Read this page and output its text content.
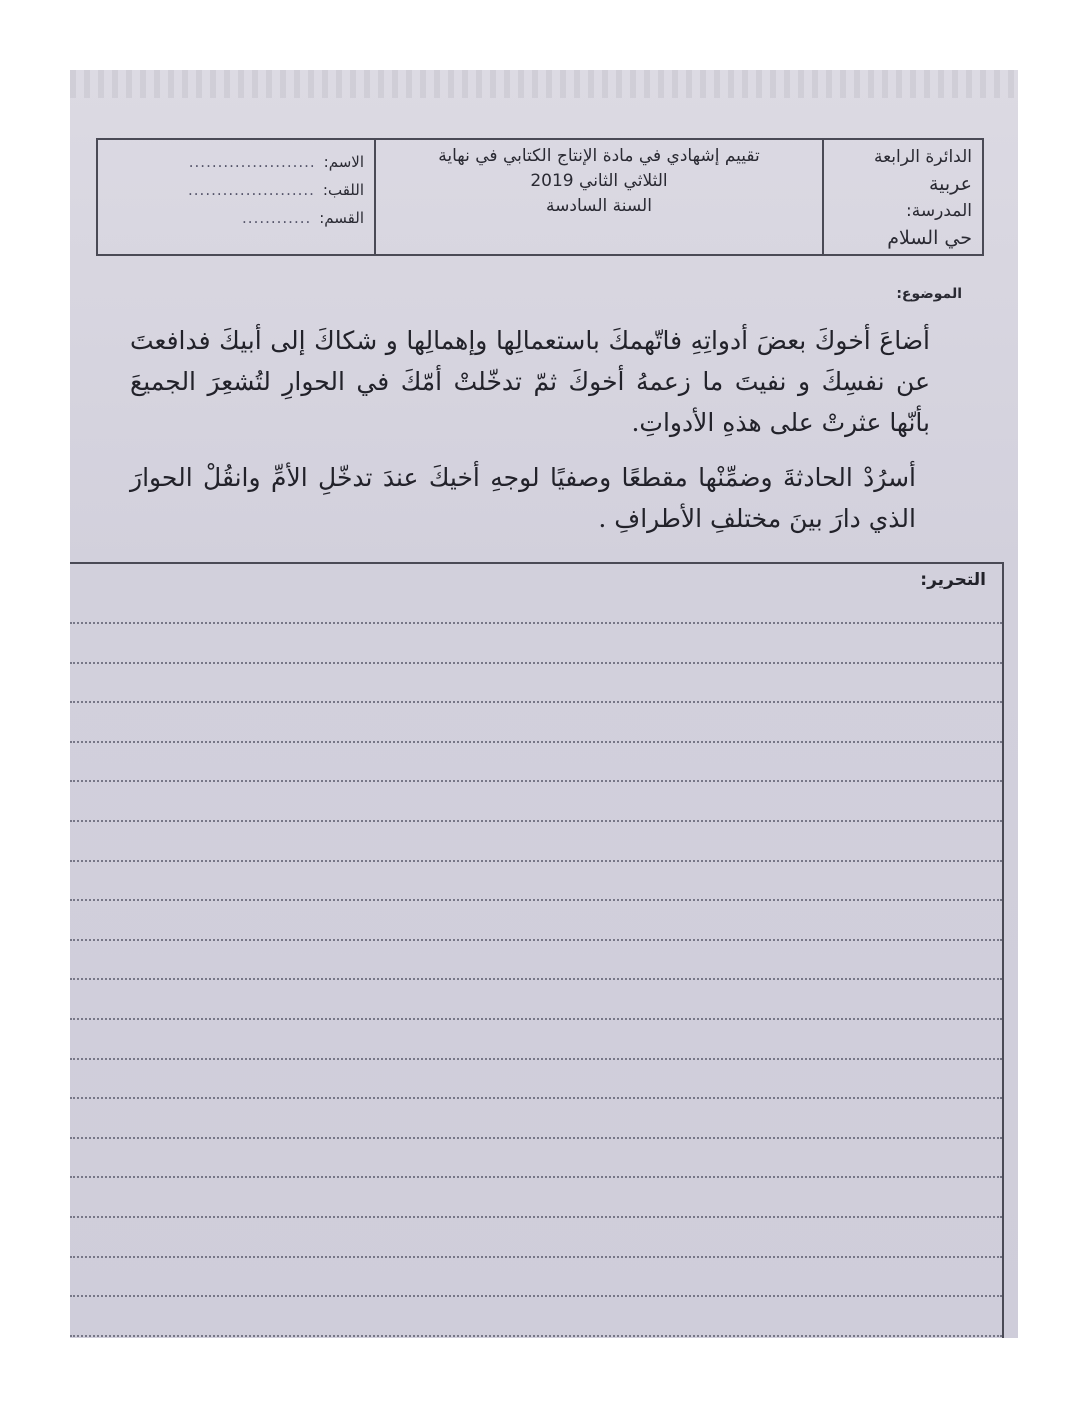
الدائرة الرابعة
عربية
المدرسة:
حي السلام
تقييم إشهادي في مادة الإنتاج الكتابي في نهاية
الثلاثي الثاني 2019
السنة السادسة
الاسم:
......................
اللقب:
......................
القسم:
............
الموضوع:

أضاعَ أخوكَ بعضَ أدواتِهِ فاتّهمكَ باستعمالِها وإهمالِها و شكاكَ إلى أبيكَ فدافعتَ عن نفسِكَ و نفيتَ ما زعمهُ أخوكَ ثمّ تدخّلتْ أمّكَ في الحوارِ لتُشعِرَ الجميعَ بأنّها عثرتْ على هذهِ الأدواتِ.

أسرُدْ الحادثةَ وضمِّنْها مقطعًا وصفيًا لوجهِ أخيكَ عندَ تدخّلِ الأمِّ وانقُلْ الحوارَ الذي دارَ بينَ مختلفِ الأطرافِ .

التحرير:
